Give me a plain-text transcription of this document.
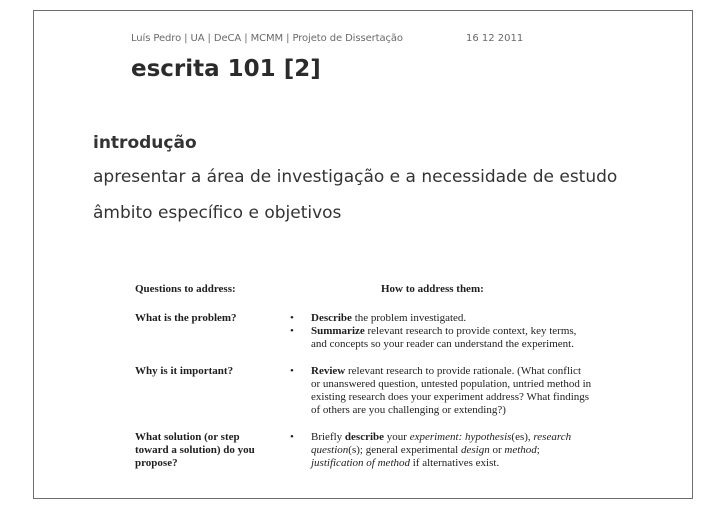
Luís Pedro | UA | DeCA | MCMM | Projeto de Dissertação	16 12 2011
escrita 101 [2]
introdução
apresentar a área de investigação e a necessidade de estudo
âmbito específico e objetivos
Questions to address:	How to address them:
What is the problem?	•	Describe the problem investigated.
•	Summarize relevant research to provide context, key terms,
and concepts so your reader can understand the experiment.
Why is it important?	•	Review relevant research to provide rationale. (What conflict
or unanswered question, untested population, untried method in
existing research does your experiment address? What findings
of others are you challenging or extending?)
What solution (or step
toward a solution) do you
propose?
•	Briefly describe your experiment: hypothesis(es), research
question(s); general experimental design or method;
justification of method if alternatives exist.
